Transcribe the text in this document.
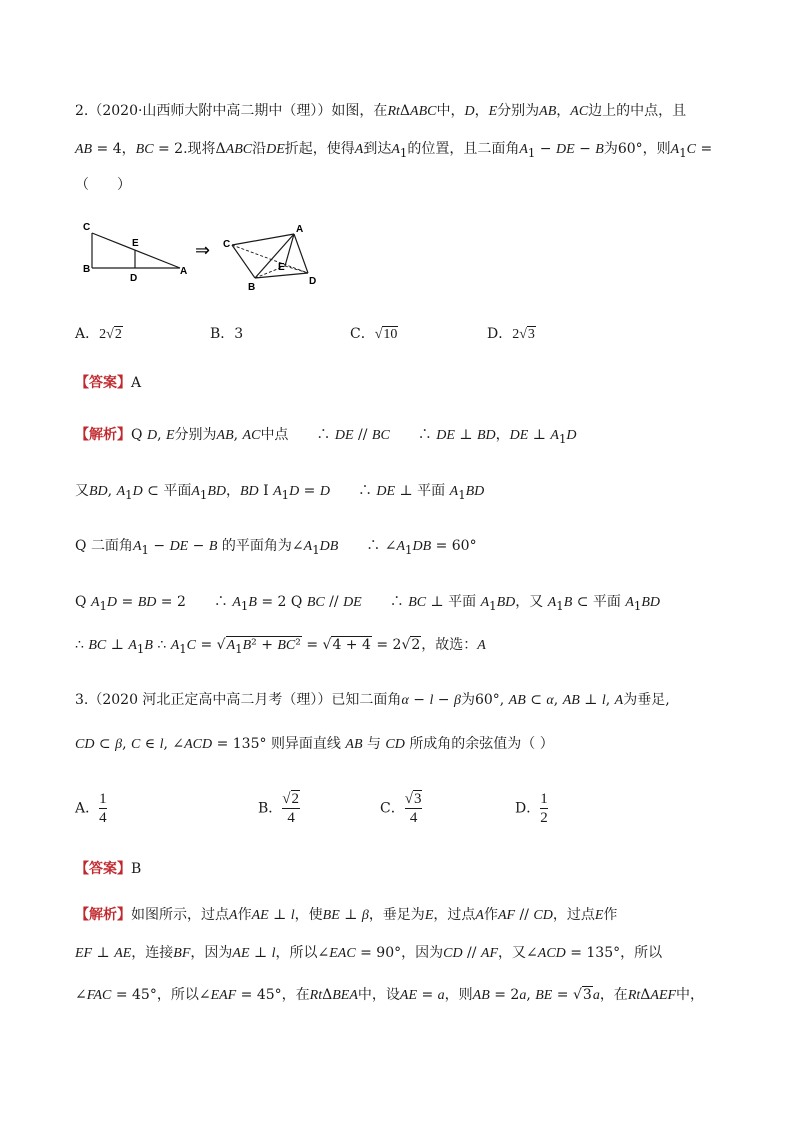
2.（2020·山西师大附中高二期中（理））如图，在RtΔABC中，D，E分别为AB，AC边上的中点，且
AB = 4，BC = 2.现将ΔABC沿DE折起，使得A到达$A_1$的位置，且二面角$A_1$ − DE − B为60°，则$A_1C$ =
（　　）
C
E
B
D
A
⇒ C
A
E
B
D
A．2√2	B．3	C．√10	D．2√3
【答案】A
【解析】Q D, E分别为AB, AC中点　　∴ DE // BC　　∴ DE ⊥ BD，DE ⊥ $A_1D$
又BD, $A_1D$ ⊂ 平面$A_1BD$，BD I $A_1D = D$　　∴ DE ⊥ 平面 $A_1BD$
Q 二面角$A_1$ − DE − B 的平面角为$\angle A_1DB$　　∴ $\angle A_1DB = 60^\circ$
Q $A_1D$ = BD = 2　　∴ $A_1B = 2$ Q BC // DE　　∴ BC ⊥ 平面 $A_1BD$，又 $A_1B$ ⊂ 平面 $A_1BD$
∴ BC ⊥ $A_1B$ ∴ $A_1C = √A_1B^2 + BC^2 = √4 + 4 = 2√2$，故选：A
3.（2020 河北正定高中高二月考（理））已知二面角α − l − β为60°, AB ⊂ α, AB ⊥ l, A为垂足,
CD ⊂ β, C ∈ l, ∠ACD = 135° 则异面直线 AB 与 CD 所成角的余弦值为（ ）
A． $\frac{1}{4}$	B． $\frac{√2}{4}$	C． $\frac{√3}{4}$	D． $\frac{1}{2}$
【答案】B
【解析】如图所示，过点A作AE ⊥ l，使BE ⊥ β，垂足为E，过点A作AF // CD，过点E作
EF ⊥ AE，连接BF，因为AE ⊥ l，所以∠EAC = 90°，因为CD // AF，又∠ACD = 135°，所以
∠FAC = 45°，所以∠EAF = 45°，在RtΔBEA中，设AE = a，则AB = 2a, BE = √3a，在RtΔAEF中，
